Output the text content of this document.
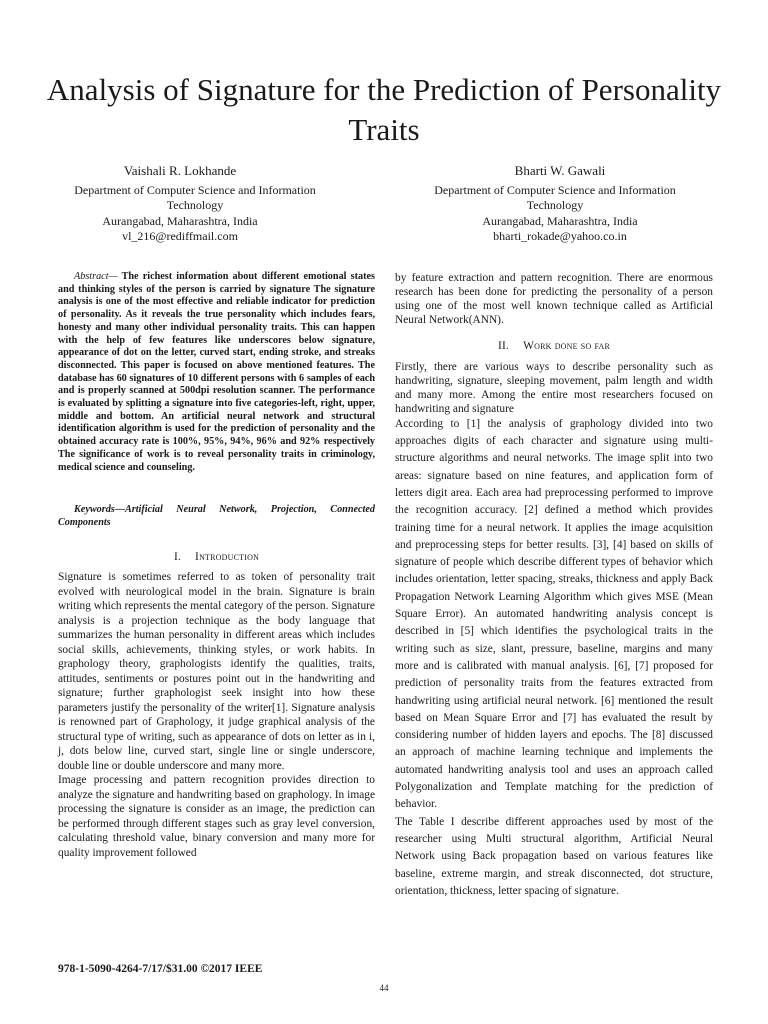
Analysis of Signature for the Prediction of Personality Traits
Vaishali R. Lokhande
Department of Computer Science and Information Technology
Aurangabad, Maharashtra, India
vl_216@rediffmail.com
Bharti W. Gawali
Department of Computer Science and Information Technology
Aurangabad, Maharashtra, India
bharti_rokade@yahoo.co.in
Abstract— The richest information about different emotional states and thinking styles of the person is carried by signature The signature analysis is one of the most effective and reliable indicator for prediction of personality. As it reveals the true personality which includes fears, honesty and many other individual personality traits. This can happen with the help of few features like underscores below signature, appearance of dot on the letter, curved start, ending stroke, and streaks disconnected. This paper is focused on above mentioned features. The database has 60 signatures of 10 different persons with 6 samples of each and is properly scanned at 500dpi resolution scanner. The performance is evaluated by splitting a signature into five categories-left, right, upper, middle and bottom. An artificial neural network and structural identification algorithm is used for the prediction of personality and the obtained accuracy rate is 100%, 95%, 94%, 96% and 92% respectively The significance of work is to reveal personality traits in criminology, medical science and counseling.
Keywords—Artificial Neural Network, Projection, Connected Components
I. Introduction

Signature is sometimes referred to as token of personality trait evolved with neurological model in the brain. Signature is brain writing which represents the mental category of the person. Signature analysis is a projection technique as the body language that summarizes the human personality in different areas which includes social skills, achievements, thinking styles, or work habits. In graphology theory, graphologists identify the qualities, traits, attitudes, sentiments or postures point out in the handwriting and signature; further graphologist seek insight into how these parameters justify the personality of the writer[1]. Signature analysis is renowned part of Graphology, it judge graphical analysis of the structural type of writing, such as appearance of dots on letter as in i, j, dots below line, curved start, single line or single underscore, double line or double underscore and many more.

Image processing and pattern recognition provides direction to analyze the signature and handwriting based on graphology. In image processing the signature is consider as an image, the prediction can be performed through different stages such as gray level conversion, calculating threshold value, binary conversion and many more for quality improvement followed

by feature extraction and pattern recognition. There are enormous research has been done for predicting the personality of a person using one of the most well known technique called as Artificial Neural Network(ANN).

II. Work done so far

Firstly, there are various ways to describe personality such as handwriting, signature, sleeping movement, palm length and width and many more. Among the entire most researchers focused on handwriting and signature

According to [1] the analysis of graphology divided into two approaches digits of each character and signature using multi-structure algorithms and neural networks. The image split into two areas: signature based on nine features, and application form of letters digit area. Each area had preprocessing performed to improve the recognition accuracy. [2] defined a method which provides training time for a neural network. It applies the image acquisition and preprocessing steps for better results. [3], [4] based on skills of signature of people which describe different types of behavior which includes orientation, letter spacing, streaks, thickness and apply Back Propagation Network Learning Algorithm which gives MSE (Mean Square Error). An automated handwriting analysis concept is described in [5] which identifies the psychological traits in the writing such as size, slant, pressure, baseline, margins and many more and is calibrated with manual analysis. [6], [7] proposed for prediction of personality traits from the features extracted from handwriting using artificial neural network. [6] mentioned the result based on Mean Square Error and [7] has evaluated the result by considering number of hidden layers and epochs. The [8] discussed an approach of machine learning technique and implements the automated handwriting analysis tool and uses an approach called Polygonalization and Template matching for the prediction of behavior.

The Table I describe different approaches used by most of the researcher using Multi structural algorithm, Artificial Neural Network using Back propagation based on various features like baseline, extreme margin, and streak disconnected, dot structure, orientation, thickness, letter spacing of signature.

978-1-5090-4264-7/17/$31.00 ©2017 IEEE
44
